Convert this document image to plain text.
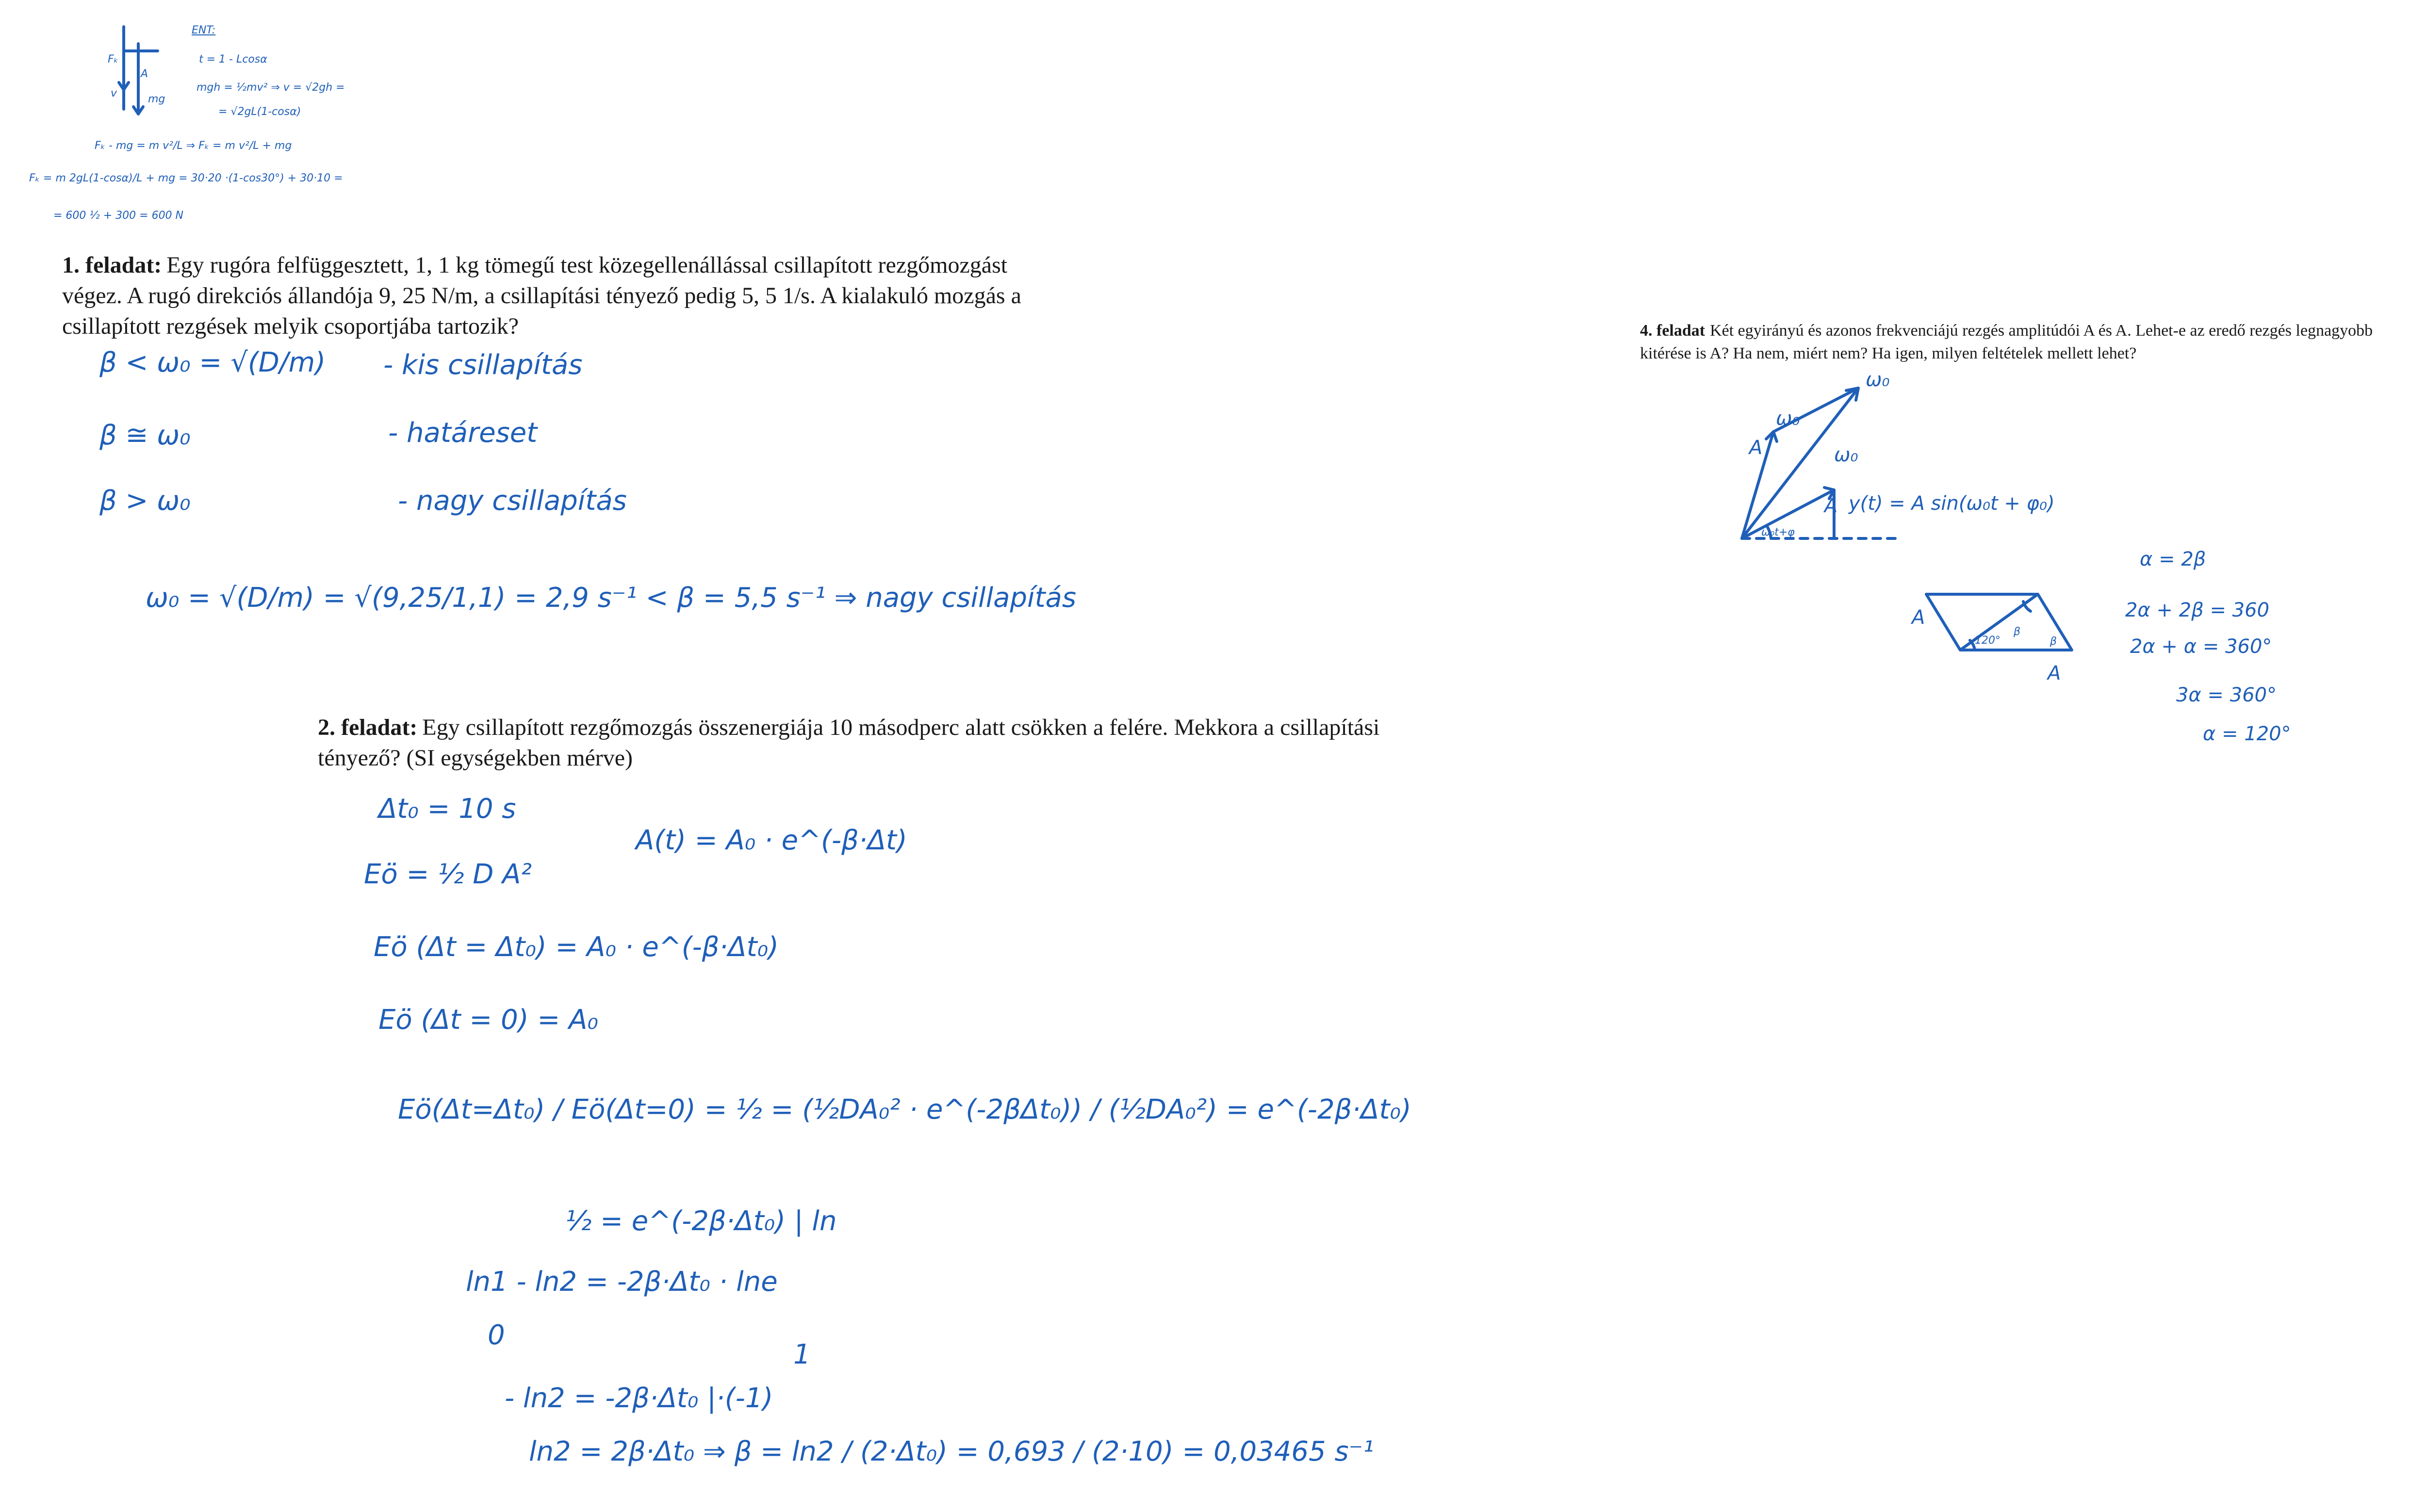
mg
Fₖ
v
A
ENT:
t = 1 - Lcosα
mgh = ½mv² ⇒ v = √2gh =
= √2gL(1-cosα)
Fₖ - mg = m v²/L ⇒ Fₖ = m v²/L + mg
Fₖ = m 2gL(1-cosα)/L + mg = 30·20 ·(1-cos30°) + 30·10 =
= 600 ½ + 300 = 600 N
1. feladat: Egy rugóra felfüggesztett, 1, 1 kg tömegű test közegellenállással csillapított rezgőmozgást végez. A rugó direkciós állandója 9, 25 N/m, a csillapítási tényező pedig 5, 5 1/s. A kialakuló mozgás a csillapított rezgések melyik csoportjába tartozik?
β < ω₀ = √(D/m) - kis csillapítás
β ≅ ω₀	- határeset
β > ω₀	- nagy csillapítás
ω₀ = √(D/m) = √(9,25/1,1) = 2,9 s⁻¹ < β = 5,5 s⁻¹ ⇒ nagy csillapítás
2. feladat: Egy csillapított rezgőmozgás összenergiája 10 másodperc alatt csökken a felére. Mekkora a csillapítási tényező? (SI egységekben mérve)
Δt₀ = 10 s
A(t) = A₀ · e^(-β·Δt)
Eö = ½ D A²
Eö (Δt = Δt₀) = A₀ · e^(-β·Δt₀)
Eö (Δt = 0) = A₀
Eö(Δt=Δt₀) / Eö(Δt=0) = ½ = (½DA₀² · e^(-2βΔt₀)) / (½DA₀²) = e^(-2β·Δt₀)
½ = e^(-2β·Δt₀) | ln
ln1 - ln2 = -2β·Δt₀ · lne
0
1
- ln2 = -2β·Δt₀ |·(-1)
ln2 = 2β·Δt₀ ⇒ β = ln2 / (2·Δt₀) = 0,693 / (2·10) = 0,03465 s⁻¹
4. feladat Két egyirányú és azonos frekvenciájú rezgés amplitúdói A és A. Lehet-e az eredő rezgés legnagyobb kitérése is A? Ha nem, miért nem? Ha igen, milyen feltételek mellett lehet?
ω₀
ω₀
ω₀
A
A
ω₀t+φ
y(t) = A sin(ω₀t + φ₀)
α = 2β
2α + 2β = 360
2α + α = 360°
3α = 360°
α = 120°
A
A
120°
β
β
